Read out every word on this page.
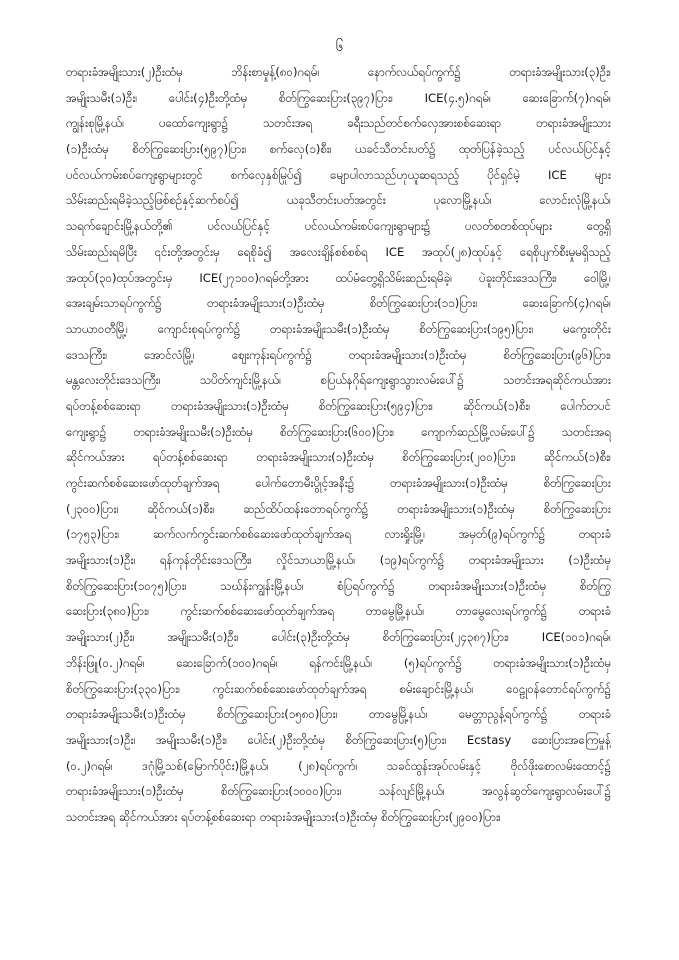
၆
တရားခံအမျိုးသား(၂)ဦးထံမှ ဘိန်းစာမှုန့်(၈၀)ဂရမ်၊ နောက်လယ်ရပ်ကွက်၌ တရားခံအမျိုးသား(၃)ဦး၊
အမျိုးသမီး(၁)ဦး၊ ပေါင်း(၄)ဦးတို့ထံမှ စိတ်ကြွဆေးပြား(၃၉၇)ပြား၊ ICE(၄.၅)ဂရမ်၊ ဆေးခြောက်(၇)ဂရမ်၊
ကျွန်းစုမြို့နယ်၊ ပထော်ကျေးရွာ၌ သတင်းအရ ခရီးသည်တင်စက်လှေအားစစ်ဆေးရာ တရားခံအမျိုးသား
(၁)ဦးထံမှ စိတ်ကြွဆေးပြား(၅၉၇)ပြား၊ စက်လှေ(၁)စီး၊ ယခင်သီတင်းပတ်၌ ထုတ်ပြန်ခဲ့သည့် ပင်လယ်ပြင်နှင့်
ပင်လယ်ကမ်းစပ်ကျေးရွာများတွင် စက်လှေနှစ်မြုပ်၍ မျောပါလာသည်ဟုယူဆရသည့် ပိုင်ရှင်မဲ့ ICE များ
သိမ်းဆည်းရမိခဲ့သည့်ဖြစ်စဉ်နှင့်ဆက်စပ်၍ ယခုသီတင်းပတ်အတွင်း ပုလောမြို့နယ်၊ လောင်းလုံမြို့နယ်၊
သရက်ချောင်းမြို့နယ်တို့၏ ပင်လယ်ပြင်နှင့် ပင်လယ်ကမ်းစပ်ကျေးရွာများ၌ ပလတ်စတစ်ထုပ်များ တွေ့ရှိ
သိမ်းဆည်းရမိပြီး ၎င်းတို့အတွင်းမှ ရေစိုခံ၍ အလေးချိန်စစ်စစ်ရ ICE အထုပ်(၂၈)ထုပ်နှင့် ရေစိုပျက်စီးမှုမရှိသည့်
အထုပ်(၃၀)ထုပ်အတွင်းမှ ICE(၂၇၁၀၀)ဂရမ်တို့အား ထပ်မံတွေ့ရှိသိမ်းဆည်းရမိခဲ့၊ ပဲခူးတိုင်းဒေသကြီး၊ ဝေါမြို့၊
အေးချမ်းသာရပ်ကွက်၌ တရားခံအမျိုးသား(၁)ဦးထံမှ စိတ်ကြွဆေးပြား(၁၁)ပြား၊ ဆေးခြောက်(၄)ဂရမ်၊
သာယာဝတီမြို့၊ ကျောင်းစုရပ်ကွက်၌ တရားခံအမျိုးသမီး(၁)ဦးထံမှ စိတ်ကြွဆေးပြား(၁၉၅)ပြား၊ မကွေးတိုင်း
ဒေသကြီး၊ အောင်လံမြို့၊ ဈေးကုန်းရပ်ကွက်၌ တရားခံအမျိုးသား(၁)ဦးထံမှ စိတ်ကြွဆေးပြား(၉၆)ပြား၊
မန္တလေးတိုင်းဒေသကြီး၊ သပိတ်ကျင်းမြို့နယ်၊ စပြယ်နဂိုရ်ကျေးရွာသွားလမ်းပေါ်၌ သတင်းအရဆိုင်ကယ်အား
ရပ်တန့်စစ်ဆေးရာ တရားခံအမျိုးသား(၁)ဦးထံမှ စိတ်ကြွဆေးပြား(၅၉၄)ပြား၊ ဆိုင်ကယ်(၁)စီး၊ ပေါက်တပင်
ကျေးရွာ၌ တရားခံအမျိုးသမီး(၁)ဦးထံမှ စိတ်ကြွဆေးပြား(၆၀၀)ပြား၊ ကျောက်ဆည်မြို့လမ်းပေါ်၌ သတင်းအရ
ဆိုင်ကယ်အား ရပ်တန့်စစ်ဆေးရာ တရားခံအမျိုးသား(၁)ဦးထံမှ စိတ်ကြွဆေးပြား(၂၀၀)ပြား၊ ဆိုင်ကယ်(၁)စီး၊
ကွင်းဆက်စစ်ဆေးဖော်ထုတ်ချက်အရ ပေါက်တောမီးပွိုင့်အနီး၌ တရားခံအမျိုးသား(၁)ဦးထံမှ စိတ်ကြွဆေးပြား
(၂၃၀၀)ပြား၊ ဆိုင်ကယ်(၁)စီး၊ ဆည်ထိပ်ထန်းတောရပ်ကွက်၌ တရားခံအမျိုးသား(၁)ဦးထံမှ စိတ်ကြွဆေးပြား
(၁၇၅၃)ပြား၊ ဆက်လက်ကွင်းဆက်စစ်ဆေးဖော်ထုတ်ချက်အရ လားရှိုးမြို့၊ အမှတ်(၉)ရပ်ကွက်၌ တရားခံ
အမျိုးသား(၁)ဦး၊ ရန်ကုန်တိုင်းဒေသကြီး၊ လှိုင်သာယာမြို့နယ်၊ (၁၉)ရပ်ကွက်၌ တရားခံအမျိုးသား (၁)ဦးထံမှ
စိတ်ကြွဆေးပြား(၁၀၇၅)ပြား၊ သဃ်န်းကျွန်းမြို့နယ်၊ စံပြရပ်ကွက်၌ တရားခံအမျိုးသား(၁)ဦးထံမှ စိတ်ကြွ
ဆေးပြား(၃၈၀)ပြား၊ ကွင်းဆက်စစ်ဆေးဖော်ထုတ်ချက်အရ တာမွေမြို့နယ်၊ တာမွေလေးရပ်ကွက်၌ တရားခံ
အမျိုးသား(၂)ဦး၊ အမျိုးသမီး(၁)ဦး၊ ပေါင်း(၃)ဦးတို့ထံမှ စိတ်ကြွဆေးပြား(၂၄၃၈၇)ပြား၊ ICE(၁၀၁)ဂရမ်၊
ဘိန်းဖြူ(၀.၂)ဂရမ်၊ ဆေးခြောက်(၁၀၀)ဂရမ်၊ ရန်ကင်းမြို့နယ်၊ (၅)ရပ်ကွက်၌ တရားခံအမျိုးသား(၁)ဦးထံမှ
စိတ်ကြွဆေးပြား(၃၃၀)ပြား၊ ကွင်းဆက်စစ်ဆေးဖော်ထုတ်ချက်အရ စမ်းချောင်းမြို့နယ်၊ ဝေဠုဝန်တောင်ရပ်ကွက်၌
တရားခံအမျိုးသမီး(၁)ဦးထံမှ စိတ်ကြွဆေးပြား(၁၅၈၀)ပြား၊ တာမွေမြို့နယ်၊ မေတ္တာညွန့်ရပ်ကွက်၌ တရားခံ
အမျိုးသား(၁)ဦး၊ အမျိုးသမီး(၁)ဦး၊ ပေါင်း(၂)ဦးတို့ထံမှ စိတ်ကြွဆေးပြား(၅)ပြား၊ Ecstasy ဆေးပြားအကြေမှုန့်
(၀.၂)ဂရမ်၊ ဒဂုံမြို့သစ်(မြောက်ပိုင်း)မြို့နယ်၊ (၂၈)ရပ်ကွက်၊ သခင်ထွန်းအုပ်လမ်းနှင့် ဗိုလ်ဖိုးစောလမ်းထောင့်၌
တရားခံအမျိုးသား(၁)ဦးထံမှ စိတ်ကြွဆေးပြား(၁၀၀၀)ပြား၊ သန်လျင်မြို့နယ်၊ အလွန်ဆွတ်ကျေးရွာလမ်းပေါ်၌
သတင်းအရ ဆိုင်ကယ်အား ရပ်တန့်စစ်ဆေးရာ တရားခံအမျိုးသား(၁)ဦးထံမှ စိတ်ကြွဆေးပြား(၂၉၀၀)ပြား၊
